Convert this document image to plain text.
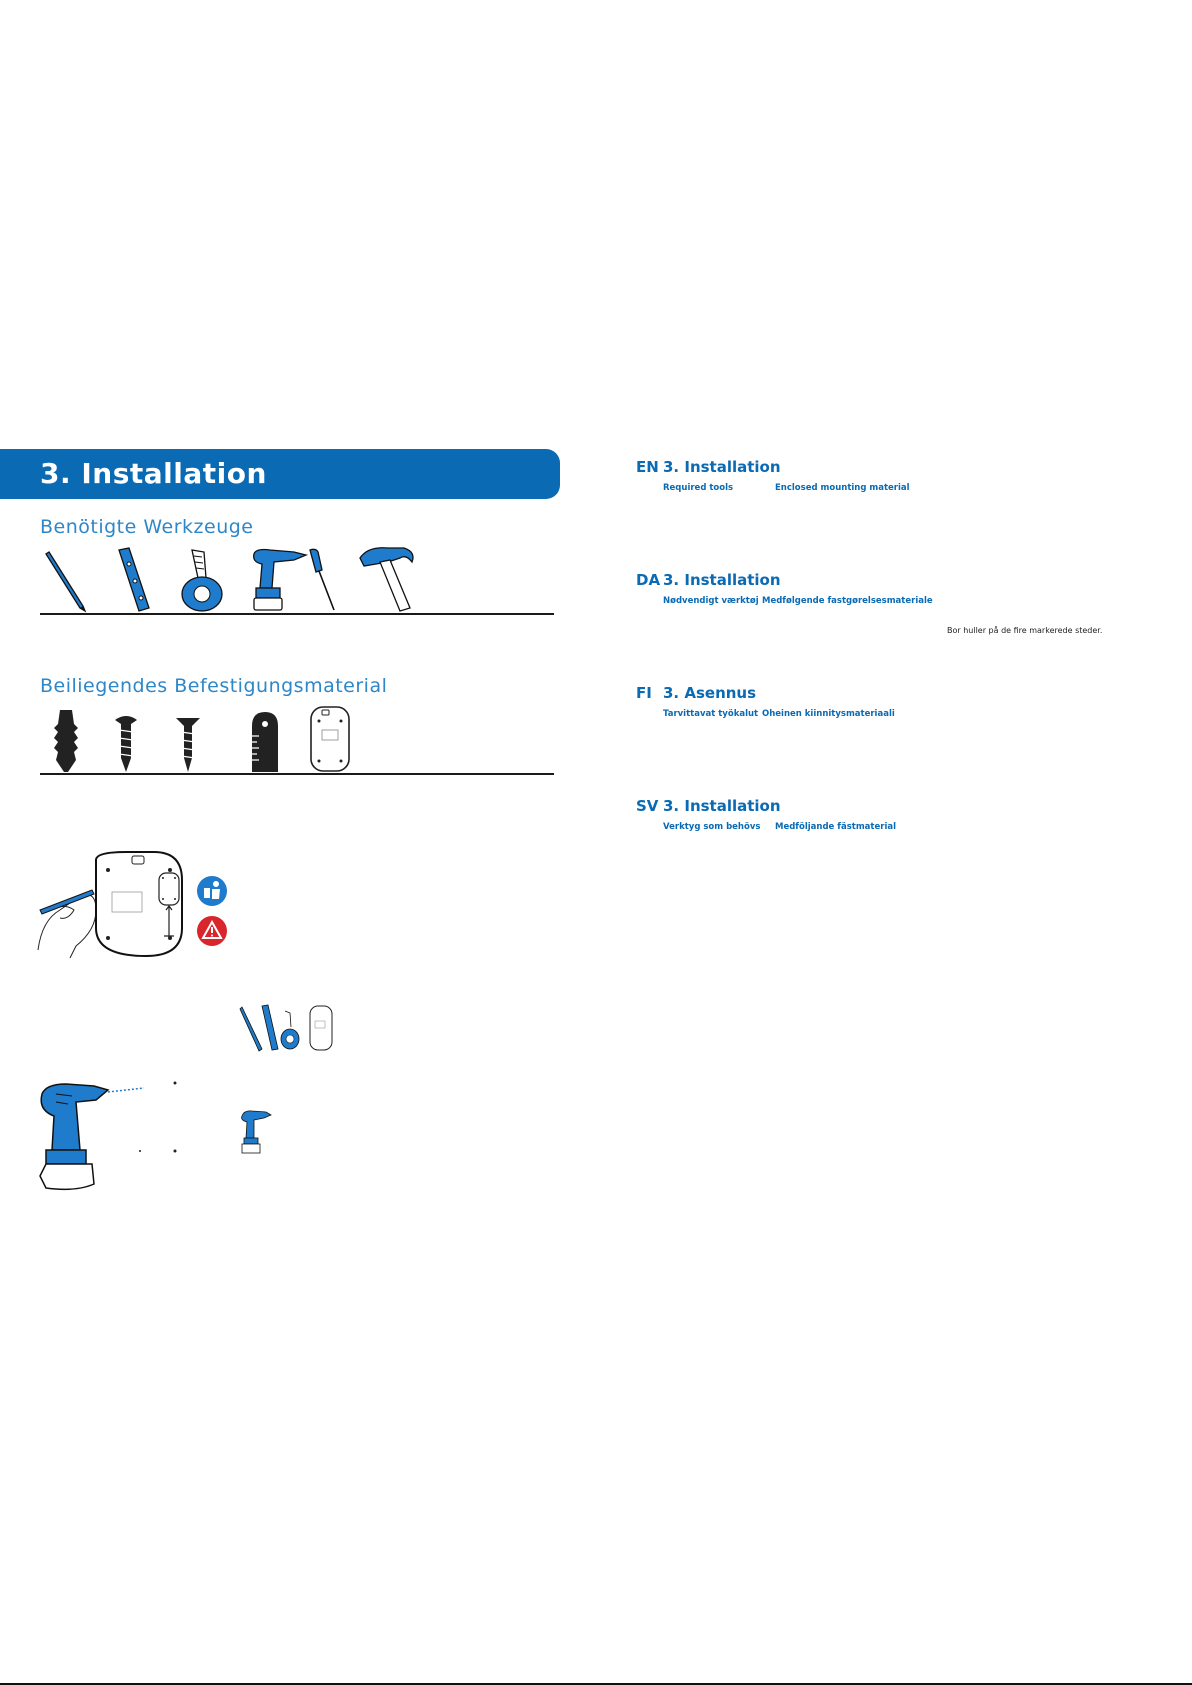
3. Installation
Benötigte Werkzeuge
Beiliegendes Befestigungsmaterial
EN 3. Installation
Required tools	Enclosed mounting material
DA 3. Installation
Nødvendigt værktøj Medfølgende fastgørelsesmateriale
Bor huller på de fire markerede steder.
FI 3. Asennus
Tarvittavat työkalut Oheinen kiinnitysmateriaali
SV 3. Installation
Verktyg som behövs Medföljande fästmaterial
